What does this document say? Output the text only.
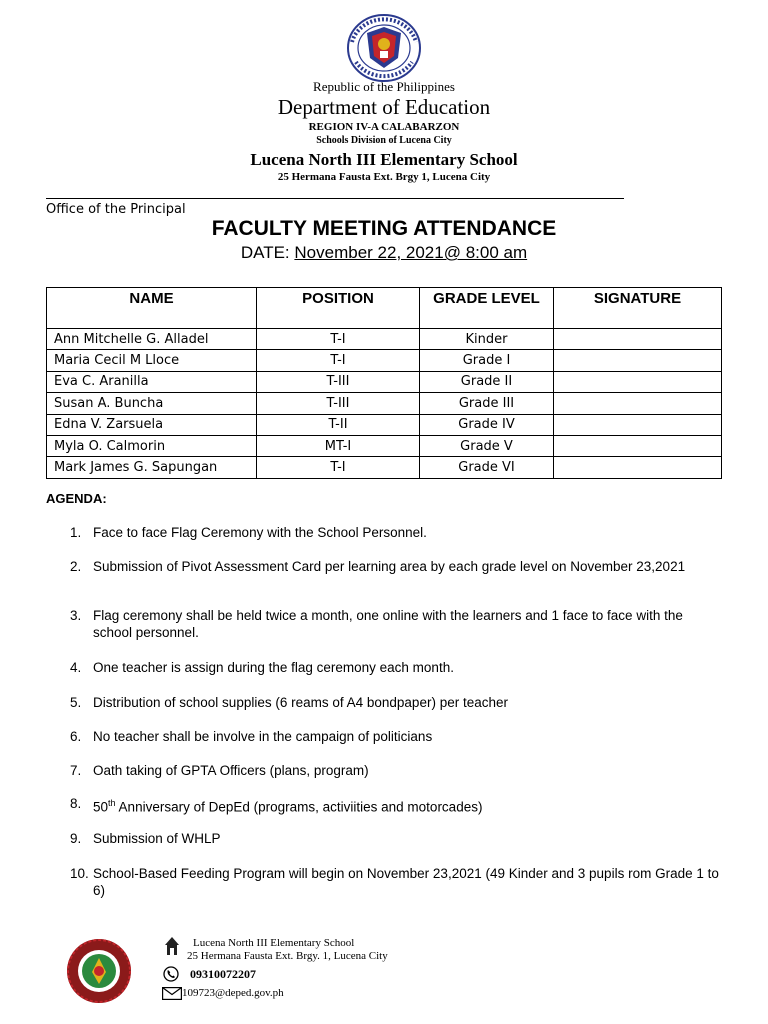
Republic of the Philippines
Department of Education
REGION IV-A CALABARZON
Schools Division of Lucena City
Lucena North III Elementary School
25 Hermana Fausta Ext. Brgy 1, Lucena City
Office of the Principal
FACULTY MEETING ATTENDANCE
DATE: November 22, 2021@ 8:00 am
NAME	POSITION	GRADE LEVEL	SIGNATURE
Ann Mitchelle G. Alladel	T-I	Kinder	
Maria Cecil M Lloce	T-I	Grade I	
Eva C. Aranilla	T-III	Grade II	
Susan A. Buncha	T-III	Grade III	
Edna V. Zarsuela	T-II	Grade IV	
Myla O. Calmorin	MT-I	Grade V	
Mark James G. Sapungan	T-I	Grade VI	
AGENDA:
1. Face to face Flag Ceremony with the School Personnel.
2. Submission of Pivot Assessment Card per learning area by each grade level on November 23,2021
3. Flag ceremony shall be held twice a month, one online with the learners and 1 face to face with the school personnel.
4. One teacher is assign during the flag ceremony each month.
5. Distribution of school supplies (6 reams of A4 bondpaper) per teacher
6. No teacher shall be involve in the campaign of politicians
7. Oath taking of GPTA Officers (plans, program)
8. 50th Anniversary of DepEd (programs, activiities and motorcades)
9. Submission of WHLP
10. School-Based Feeding Program will begin on November 23,2021 (49 Kinder and 3 pupils rom Grade 1 to 6)
Lucena North III Elementary School
25 Hermana Fausta Ext. Brgy. 1, Lucena City
09310072207
109723@deped.gov.ph
